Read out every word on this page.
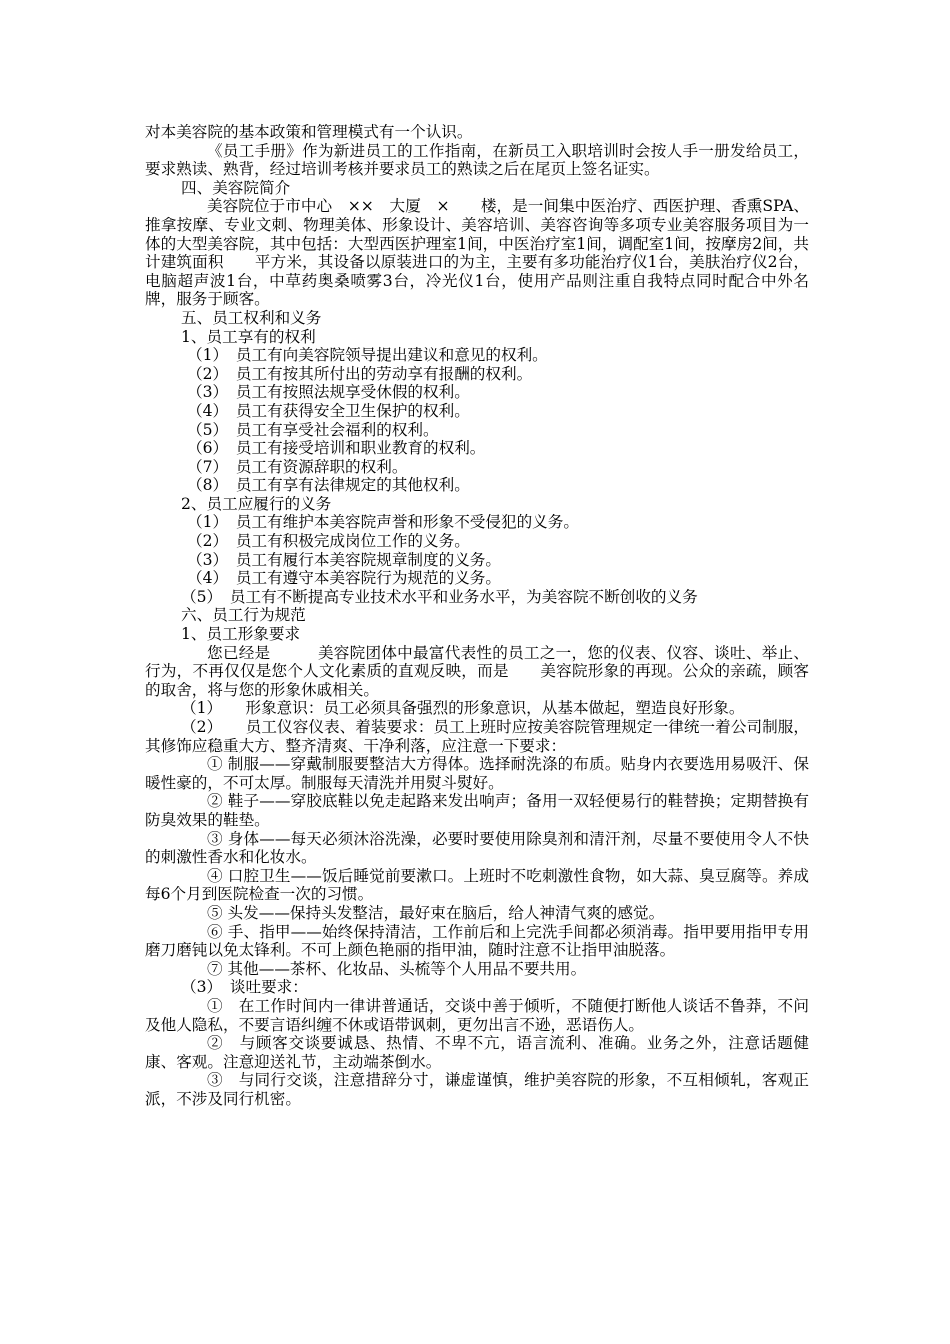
对本美容院的基本政策和管理模式有一个认识。
《员工手册》作为新进员工的工作指南，在新员工入职培训时会按人手一册发给员工，要求熟读、熟背，经过培训考核并要求员工的熟读之后在尾页上签名证实。
四、美容院简介
美容院位于市中心　××　大厦　×　　楼，是一间集中医治疗、西医护理、香熏SPA、推拿按摩、专业文刺、物理美体、形象设计、美容培训、美容咨询等多项专业美容服务项目为一体的大型美容院，其中包括：大型西医护理室1间，中医治疗室1间，调配室1间，按摩房2间，共计建筑面积　　平方米，其设备以原装进口的为主，主要有多功能治疗仪1台，美肤治疗仪2台，电脑超声波1台，中草药奥桑喷雾3台，冷光仪1台，使用产品则注重自我特点同时配合中外名牌，服务于顾客。
五、员工权利和义务
1、员工享有的权利
（1）　员工有向美容院领导提出建议和意见的权利。
（2）　员工有按其所付出的劳动享有报酬的权利。
（3）　员工有按照法规享受休假的权利。
（4）　员工有获得安全卫生保护的权利。
（5）　员工有享受社会福利的权利。
（6）　员工有接受培训和职业教育的权利。
（7）　员工有资源辞职的权利。
（8）　员工有享有法律规定的其他权利。
2、员工应履行的义务
（1）　员工有维护本美容院声誉和形象不受侵犯的义务。
（2）　员工有积极完成岗位工作的义务。
（3）　员工有履行本美容院规章制度的义务。
（4）　员工有遵守本美容院行为规范的义务。
（5）　员工有不断提高专业技术水平和业务水平，为美容院不断创收的义务
六、员工行为规范
1、员工形象要求
您已经是　　　美容院团体中最富代表性的员工之一，您的仪表、仪容、谈吐、举止、行为，不再仅仅是您个人文化素质的直观反映，而是　　美容院形象的再现。公众的亲疏，顾客的取舍，将与您的形象休戚相关。
（1）　　形象意识：员工必须具备强烈的形象意识，从基本做起，塑造良好形象。
（2）　　员工仪容仪表、着装要求：员工上班时应按美容院管理规定一律统一着公司制服，其修饰应稳重大方、整齐清爽、干净利落，应注意一下要求：
① 制服——穿戴制服要整洁大方得体。选择耐洗涤的布质。贴身内衣要选用易吸汗、保暖性豪的，不可太厚。制服每天清洗并用熨斗熨好。
② 鞋子——穿胶底鞋以免走起路来发出响声；备用一双轻便易行的鞋替换；定期替换有防臭效果的鞋垫。
③ 身体——每天必须沐浴洗澡，必要时要使用除臭剂和清汗剂，尽量不要使用令人不快的刺激性香水和化妆水。
④ 口腔卫生——饭后睡觉前要漱口。上班时不吃刺激性食物，如大蒜、臭豆腐等。养成每6个月到医院检查一次的习惯。
⑤ 头发——保持头发整洁，最好束在脑后，给人神清气爽的感觉。
⑥ 手、指甲——始终保持清洁，工作前后和上完洗手间都必须消毒。指甲要用指甲专用磨刀磨钝以免太锋利。不可上颜色艳丽的指甲油，随时注意不让指甲油脱落。
⑦ 其他——茶杯、化妆品、头梳等个人用品不要共用。
（3）　谈吐要求：
①　在工作时间内一律讲普通话，交谈中善于倾听，不随便打断他人谈话不鲁莽，不问及他人隐私，不要言语纠缠不休或语带讽刺，更勿出言不逊，恶语伤人。
②　与顾客交谈要诚恳、热情、不卑不亢，语言流利、准确。业务之外，注意话题健康、客观。注意迎送礼节，主动端茶倒水。
③　与同行交谈，注意措辞分寸，谦虚谨慎，维护美容院的形象，不互相倾轧，客观正派，不涉及同行机密。
